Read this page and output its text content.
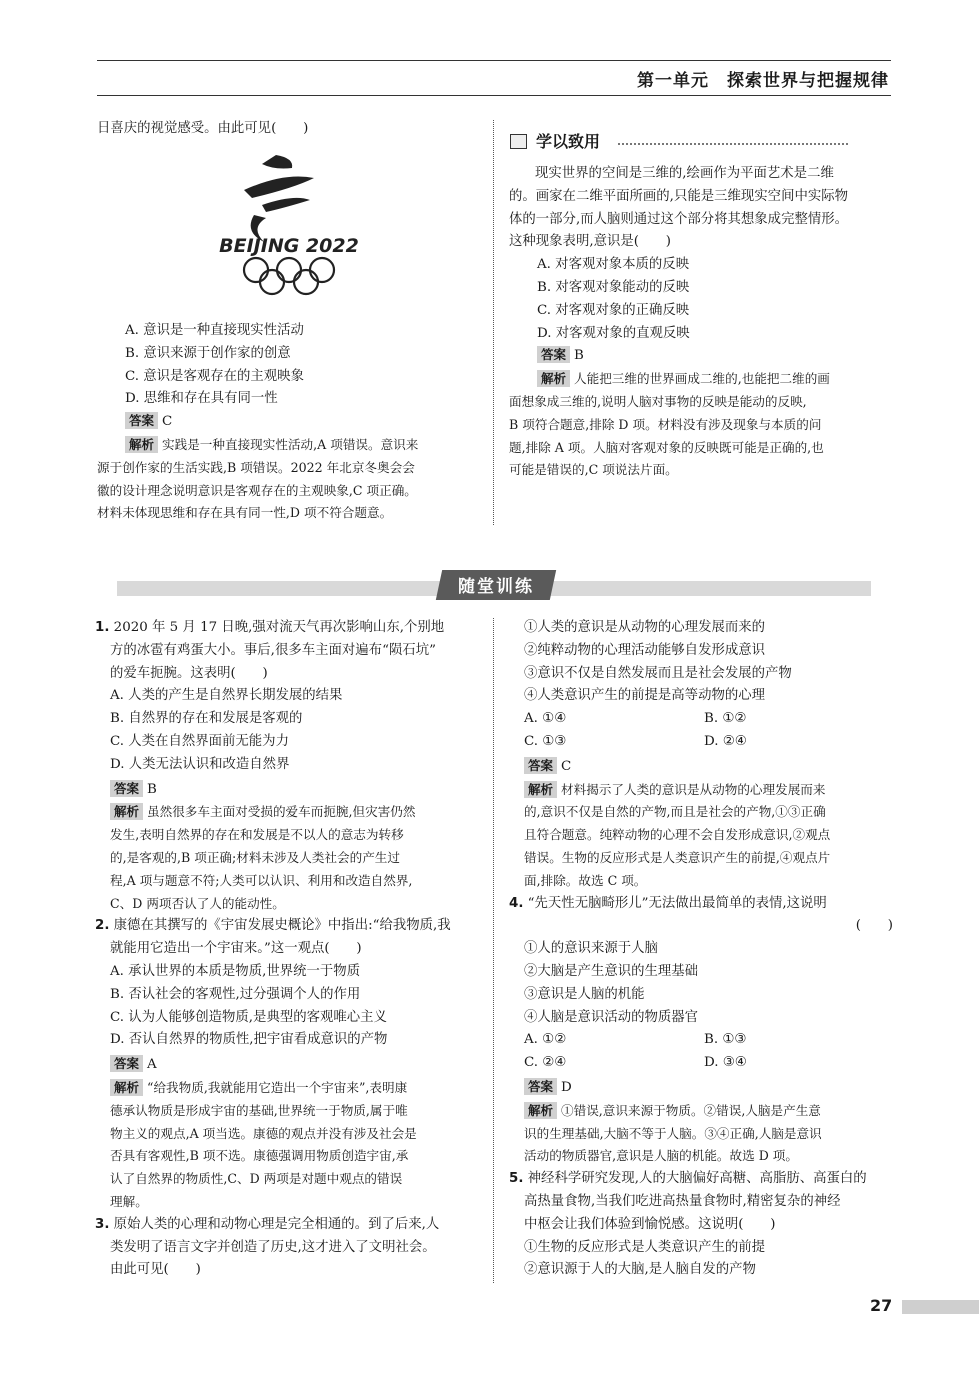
第一单元　探索世界与把握规律

日喜庆的视觉感受。由此可见(　　)

BEIJING 2022

A. 意识是一种直接现实性活动

B. 意识来源于创作家的创意

C. 意识是客观存在的主观映象

D. 思维和存在具有同一性

答案 C

解析 实践是一种直接现实性活动,A 项错误。意识来

源于创作家的生活实践,B 项错误。2022 年北京冬奥会会

徽的设计理念说明意识是客观存在的主观映象,C 项正确。

材料未体现思维和存在具有同一性,D 项不符合题意。

学以致用

现实世界的空间是三维的,绘画作为平面艺术是二维

的。画家在二维平面所画的,只能是三维现实空间中实际物

体的一部分,而人脑则通过这个部分将其想象成完整情形。

这种现象表明,意识是(　　)

A. 对客观对象本质的反映

B. 对客观对象能动的反映

C. 对客观对象的正确反映

D. 对客观对象的直观反映

答案 B

解析 人能把三维的世界画成二维的,也能把二维的画

面想象成三维的,说明人脑对事物的反映是能动的反映,

B 项符合题意,排除 D 项。材料没有涉及现象与本质的问

题,排除 A 项。人脑对客观对象的反映既可能是正确的,也

可能是错误的,C 项说法片面。

随堂训练

1. 2020 年 5 月 17 日晚,强对流天气再次影响山东,个别地

方的冰雹有鸡蛋大小。事后,很多车主面对遍布“陨石坑”

的爱车扼腕。这表明(　　)

A. 人类的产生是自然界长期发展的结果

B. 自然界的存在和发展是客观的

C. 人类在自然界面前无能为力

D. 人类无法认识和改造自然界

答案 B

解析 虽然很多车主面对受损的爱车而扼腕,但灾害仍然

发生,表明自然界的存在和发展是不以人的意志为转移

的,是客观的,B 项正确;材料未涉及人类社会的产生过

程,A 项与题意不符;人类可以认识、利用和改造自然界,

C、D 两项否认了人的能动性。

2. 康德在其撰写的《宇宙发展史概论》中指出:“给我物质,我

就能用它造出一个宇宙来。”这一观点(　　)

A. 承认世界的本质是物质,世界统一于物质

B. 否认社会的客观性,过分强调个人的作用

C. 认为人能够创造物质,是典型的客观唯心主义

D. 否认自然界的物质性,把宇宙看成意识的产物

答案 A

解析 “给我物质,我就能用它造出一个宇宙来”,表明康

德承认物质是形成宇宙的基础,世界统一于物质,属于唯

物主义的观点,A 项当选。康德的观点并没有涉及社会是

否具有客观性,B 项不选。康德强调用物质创造宇宙,承

认了自然界的物质性,C、D 两项是对题中观点的错误

理解。

3. 原始人类的心理和动物心理是完全相通的。到了后来,人

类发明了语言文字并创造了历史,这才进入了文明社会。

由此可见(　　)

①人类的意识是从动物的心理发展而来的

②纯粹动物的心理活动能够自发形成意识

③意识不仅是自然发展而且是社会发展的产物

④人类意识产生的前提是高等动物的心理

A. ①④	B. ①②
C. ①③	D. ②④

答案 C

解析 材料揭示了人类的意识是从动物的心理发展而来

的,意识不仅是自然的产物,而且是社会的产物,①③正确

且符合题意。纯粹动物的心理不会自发形成意识,②观点

错误。生物的反应形式是人类意识产生的前提,④观点片

面,排除。故选 C 项。

4. “先天性无脑畸形儿”无法做出最简单的表情,这说明

(　　)

①人的意识来源于人脑

②大脑是产生意识的生理基础

③意识是人脑的机能

④人脑是意识活动的物质器官

A. ①②	B. ①③
C. ②④	D. ③④

答案 D

解析 ①错误,意识来源于物质。②错误,人脑是产生意

识的生理基础,大脑不等于人脑。③④正确,人脑是意识

活动的物质器官,意识是人脑的机能。故选 D 项。

5. 神经科学研究发现,人的大脑偏好高糖、高脂肪、高蛋白的

高热量食物,当我们吃进高热量食物时,精密复杂的神经

中枢会让我们体验到愉悦感。这说明(　　)

①生物的反应形式是人类意识产生的前提

②意识源于人的大脑,是人脑自发的产物

27
